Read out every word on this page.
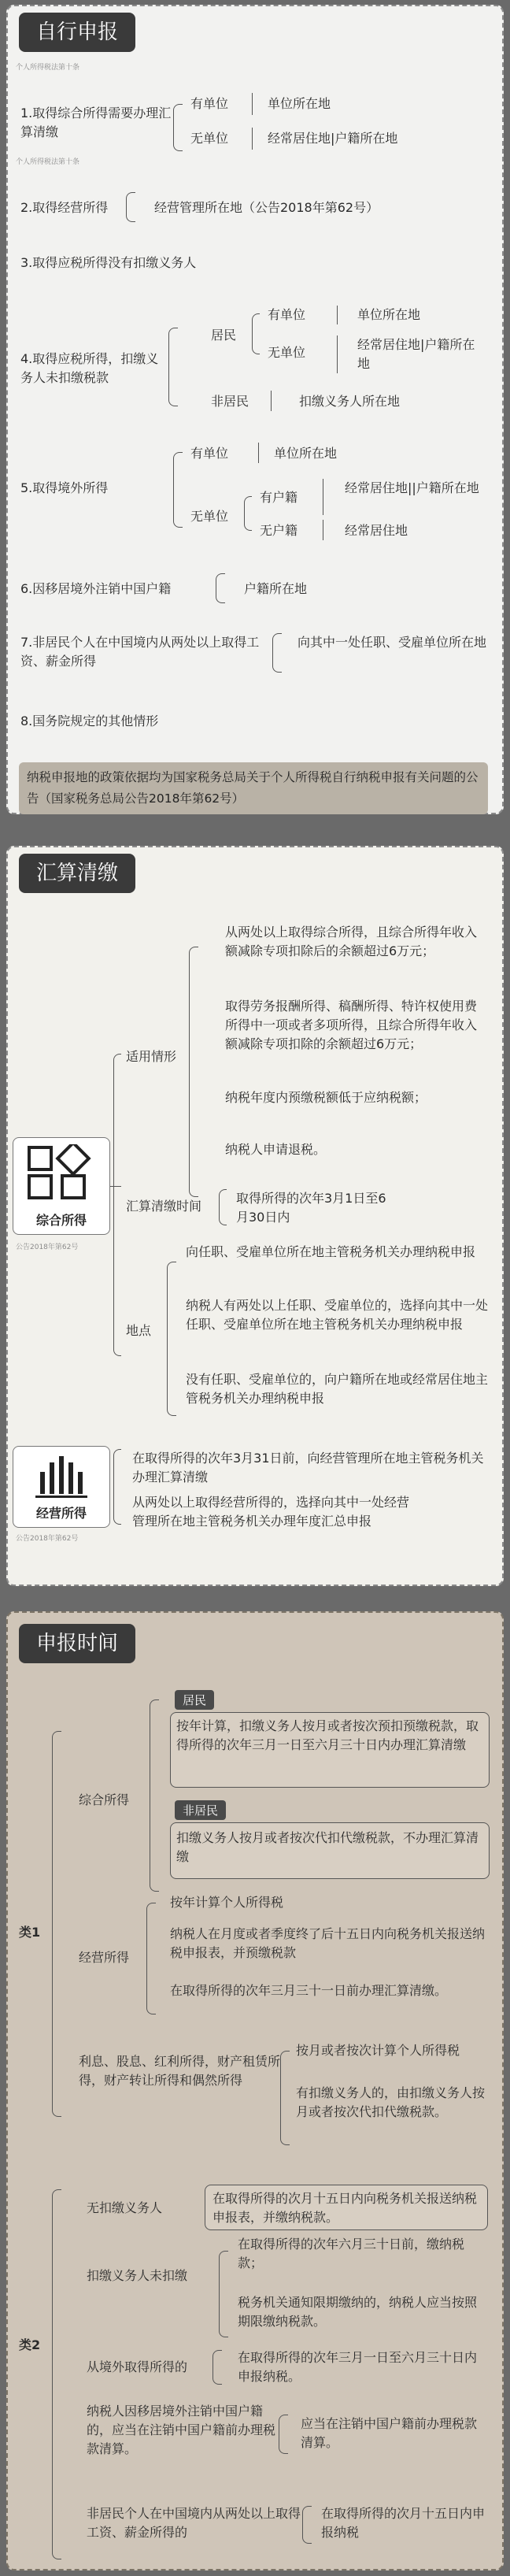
自行申报
个人所得税法第十条
1.取得综合所得需要办理汇算清缴
有单位
无单位
单位所在地
经常居住地|户籍所在地
个人所得税法第十条
2.取得经营所得	经营管理所在地（公告2018年第62号）
3.取得应税所得没有扣缴义务人
4.取得应税所得，扣缴义务人未扣缴税款
居民
有单位
无单位
单位所在地
经常居住地|户籍所在地
非居民	扣缴义务人所在地
5.取得境外所得
有单位	单位所在地
无单位
有户籍
无户籍
经常居住地||户籍所在地
经常居住地
6.因移居境外注销中国户籍	户籍所在地
7.非居民个人在中国境内从两处以上取得工资、薪金所得
向其中一处任职、受雇单位所在地
8.国务院规定的其他情形
纳税申报地的政策依据均为国家税务总局关于个人所得税自行纳税申报有关问题的公告（国家税务总局公告2018年第62号）
汇算清缴
综合所得
公告2018年第62号
适用情形
从两处以上取得综合所得，且综合所得年收入额减除专项扣除后的余额超过6万元；
取得劳务报酬所得、稿酬所得、特许权使用费所得中一项或者多项所得，且综合所得年收入额减除专项扣除的余额超过6万元；
纳税年度内预缴税额低于应纳税额；
纳税人申请退税。
汇算清缴时间
取得所得的次年3月1日至6月30日内
地点
向任职、受雇单位所在地主管税务机关办理纳税申报
纳税人有两处以上任职、受雇单位的，选择向其中一处任职、受雇单位所在地主管税务机关办理纳税申报
没有任职、受雇单位的，向户籍所在地或经常居住地主管税务机关办理纳税申报
经营所得
公告2018年第62号
在取得所得的次年3月31日前，向经营管理所在地主管税务机关办理汇算清缴
从两处以上取得经营所得的，选择向其中一处经营管理所在地主管税务机关办理年度汇总申报
申报时间
类1
综合所得
居民
按年计算，扣缴义务人按月或者按次预扣预缴税款，取得所得的次年三月一日至六月三十日内办理汇算清缴
非居民
扣缴义务人按月或者按次代扣代缴税款，不办理汇算清缴
经营所得
按年计算个人所得税
纳税人在月度或者季度终了后十五日内向税务机关报送纳税申报表，并预缴税款
在取得所得的次年三月三十一日前办理汇算清缴。
利息、股息、红利所得，财产租赁所得，财产转让所得和偶然所得
按月或者按次计算个人所得税
有扣缴义务人的，由扣缴义务人按月或者按次代扣代缴税款。
类2
无扣缴义务人
在取得所得的次月十五日内向税务机关报送纳税申报表，并缴纳税款。
扣缴义务人未扣缴
在取得所得的次年六月三十日前，缴纳税款；
税务机关通知限期缴纳的，纳税人应当按照期限缴纳税款。
从境外取得所得的
在取得所得的次年三月一日至六月三十日内申报纳税。
纳税人因移居境外注销中国户籍的，应当在注销中国户籍前办理税款清算。
应当在注销中国户籍前办理税款清算。
非居民个人在中国境内从两处以上取得工资、薪金所得的
在取得所得的次月十五日内申报纳税
